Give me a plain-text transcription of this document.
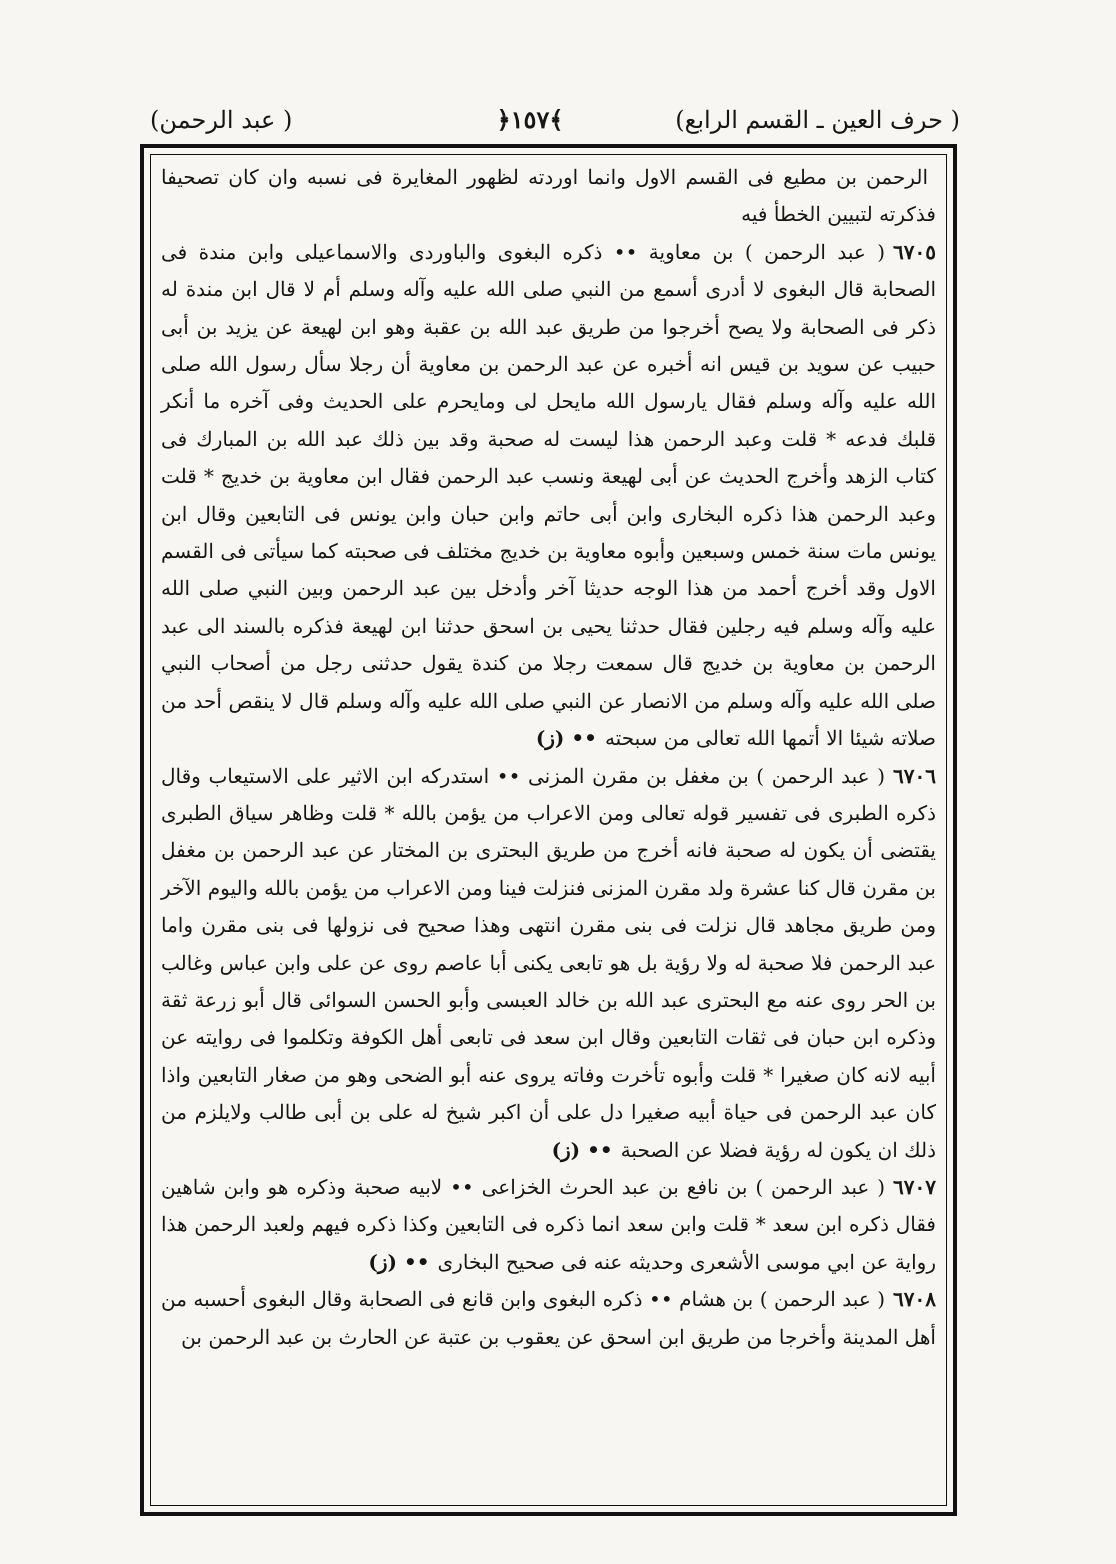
(عبد الرحمن )	﴿١٥٧﴾	(حرف العين ـ القسم الرابع )

الرحمن بن مطيع فى القسم الاول وانما اوردته لظهور المغايرة فى نسبه وان كان تصحيفا فذكرته لتبيين الخطأ فيه

٦٧٠٥( عبد الرحمن ) بن معاوية •• ذكره البغوى والباوردى والاسماعيلى وابن مندة فى الصحابة قال البغوى لا أدرى أسمع من النبي صلى الله عليه وآله وسلم أم لا قال ابن مندة له ذكر فى الصحابة ولا يصح أخرجوا من طريق عبد الله بن عقبة وهو ابن لهيعة عن يزيد بن أبى حبيب عن سويد بن قيس انه أخبره عن عبد الرحمن بن معاوية أن رجلا سأل رسول الله صلى الله عليه وآله وسلم فقال يارسول الله مايحل لى ومايحرم على الحديث وفى آخره ما أنكر قلبك فدعه * قلت وعبد الرحمن هذا ليست له صحبة وقد بين ذلك عبد الله بن المبارك فى كتاب الزهد وأخرج الحديث عن أبى لهيعة ونسب عبد الرحمن فقال ابن معاوية بن خديج * قلت وعبد الرحمن هذا ذكره البخارى وابن أبى حاتم وابن حبان وابن يونس فى التابعين وقال ابن يونس مات سنة خمس وسبعين وأبوه معاوية بن خديج مختلف فى صحبته كما سيأتى فى القسم الاول وقد أخرج أحمد من هذا الوجه حديثا آخر وأدخل بين عبد الرحمن وبين النبي صلى الله عليه وآله وسلم فيه رجلين فقال حدثنا يحيى بن اسحق حدثنا ابن لهيعة فذكره بالسند الى عبد الرحمن بن معاوية بن خديج قال سمعت رجلا من كندة يقول حدثنى رجل من أصحاب النبي صلى الله عليه وآله وسلم من الانصار عن النبي صلى الله عليه وآله وسلم قال لا ينقص أحد من صلاته شيئا الا أتمها الله تعالى من سبحته•• (ز)

٦٧٠٦( عبد الرحمن ) بن مغفل بن مقرن المزنى •• استدركه ابن الاثير على الاستيعاب وقال ذكره الطبرى فى تفسير قوله تعالى ومن الاعراب من يؤمن بالله * قلت وظاهر سياق الطبرى يقتضى أن يكون له صحبة فانه أخرج من طريق البحترى بن المختار عن عبد الرحمن بن مغفل بن مقرن قال كنا عشرة ولد مقرن المزنى فنزلت فينا ومن الاعراب من يؤمن بالله واليوم الآخر ومن طريق مجاهد قال نزلت فى بنى مقرن انتهى وهذا صحيح فى نزولها فى بنى مقرن واما عبد الرحمن فلا صحبة له ولا رؤية بل هو تابعى يكنى أبا عاصم روى عن على وابن عباس وغالب بن الحر روى عنه مع البحترى عبد الله بن خالد العبسى وأبو الحسن السوائى قال أبو زرعة ثقة وذكره ابن حبان فى ثقات التابعين وقال ابن سعد فى تابعى أهل الكوفة وتكلموا فى روايته عن أبيه لانه كان صغيرا * قلت وأبوه تأخرت وفاته يروى عنه أبو الضحى وهو من صغار التابعين واذا كان عبد الرحمن فى حياة أبيه صغيرا دل على أن اكبر شيخ له على بن أبى طالب ولايلزم من ذلك ان يكون له رؤية فضلا عن الصحبة•• (ز)

٦٧٠٧( عبد الرحمن ) بن نافع بن عبد الحرث الخزاعى •• لابيه صحبة وذكره هو وابن شاهين فقال ذكره ابن سعد * قلت وابن سعد انما ذكره فى التابعين وكذا ذكره فيهم ولعبد الرحمن هذا رواية عن ابي موسى الأشعرى وحديثه عنه فى صحيح البخارى•• (ز)

٦٧٠٨( عبد الرحمن ) بن هشام •• ذكره البغوى وابن قانع فى الصحابة وقال البغوى أحسبه من أهل المدينة وأخرجا من طريق ابن اسحق عن يعقوب بن عتبة عن الحارث بن عبد الرحمن بن
